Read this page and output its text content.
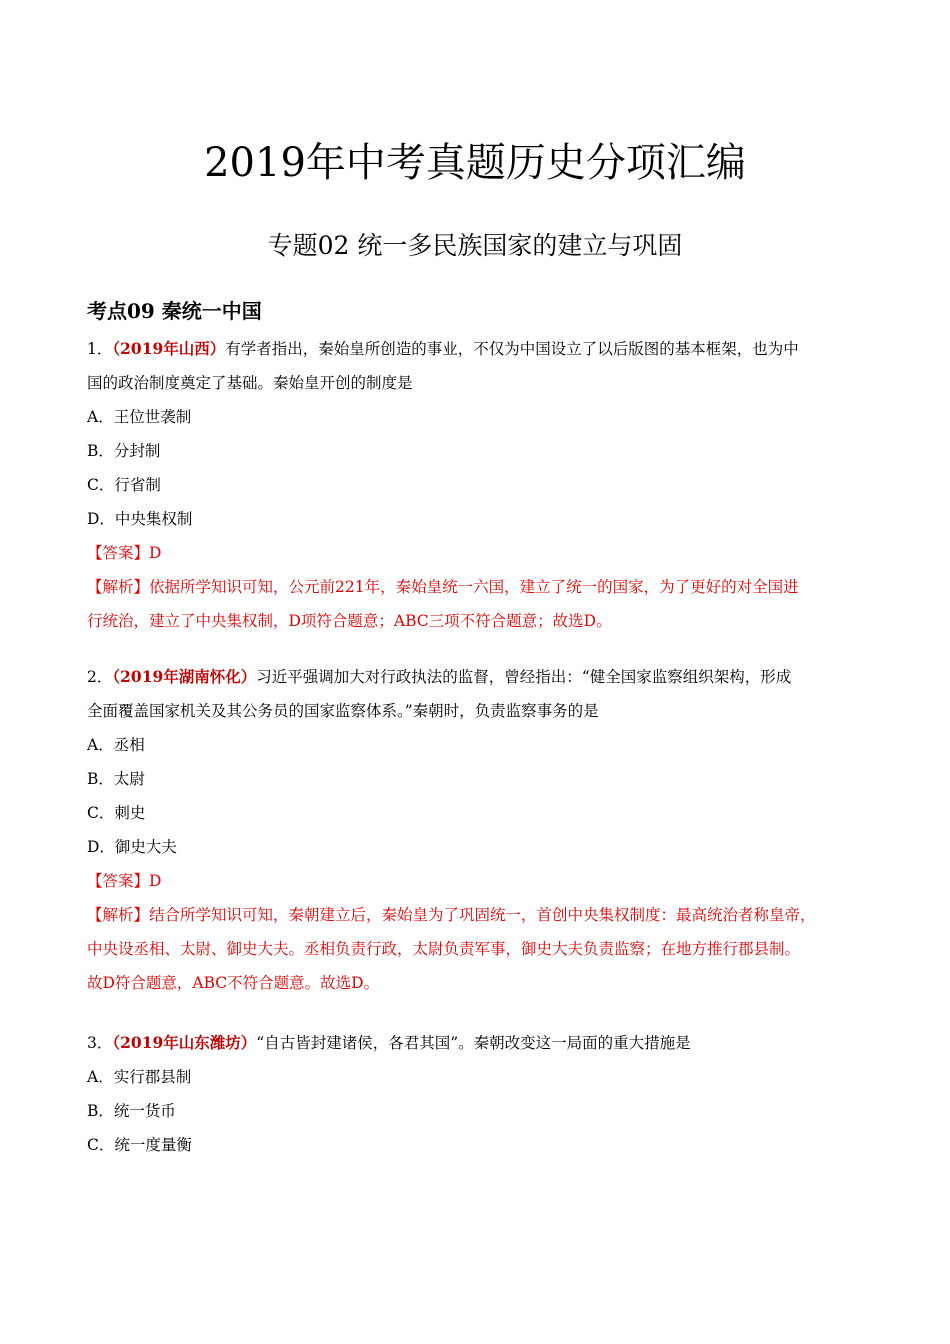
2019年中考真题历史分项汇编
专题02 统一多民族国家的建立与巩固
考点09 秦统一中国
1．（2019年山西）有学者指出，秦始皇所创造的事业，不仅为中国设立了以后版图的基本框架，也为中
国的政治制度奠定了基础。秦始皇开创的制度是
A．王位世袭制
B．分封制
C．行省制
D．中央集权制
【答案】D
【解析】依据所学知识可知，公元前221年，秦始皇统一六国，建立了统一的国家，为了更好的对全国进
行统治，建立了中央集权制，D项符合题意；ABC三项不符合题意；故选D。
2．（2019年湖南怀化）习近平强调加大对行政执法的监督，曾经指出：“健全国家监察组织架构，形成
全面覆盖国家机关及其公务员的国家监察体系。”秦朝时，负责监察事务的是
A．丞相
B．太尉
C．刺史
D．御史大夫
【答案】D
【解析】结合所学知识可知，秦朝建立后，秦始皇为了巩固统一，首创中央集权制度：最高统治者称皇帝，
中央设丞相、太尉、御史大夫。丞相负责行政，太尉负责军事，御史大夫负责监察；在地方推行郡县制。
故D符合题意，ABC不符合题意。故选D。
3．（2019年山东潍坊）“自古皆封建诸侯，各君其国”。秦朝改变这一局面的重大措施是
A．实行郡县制
B．统一货币
C．统一度量衡
